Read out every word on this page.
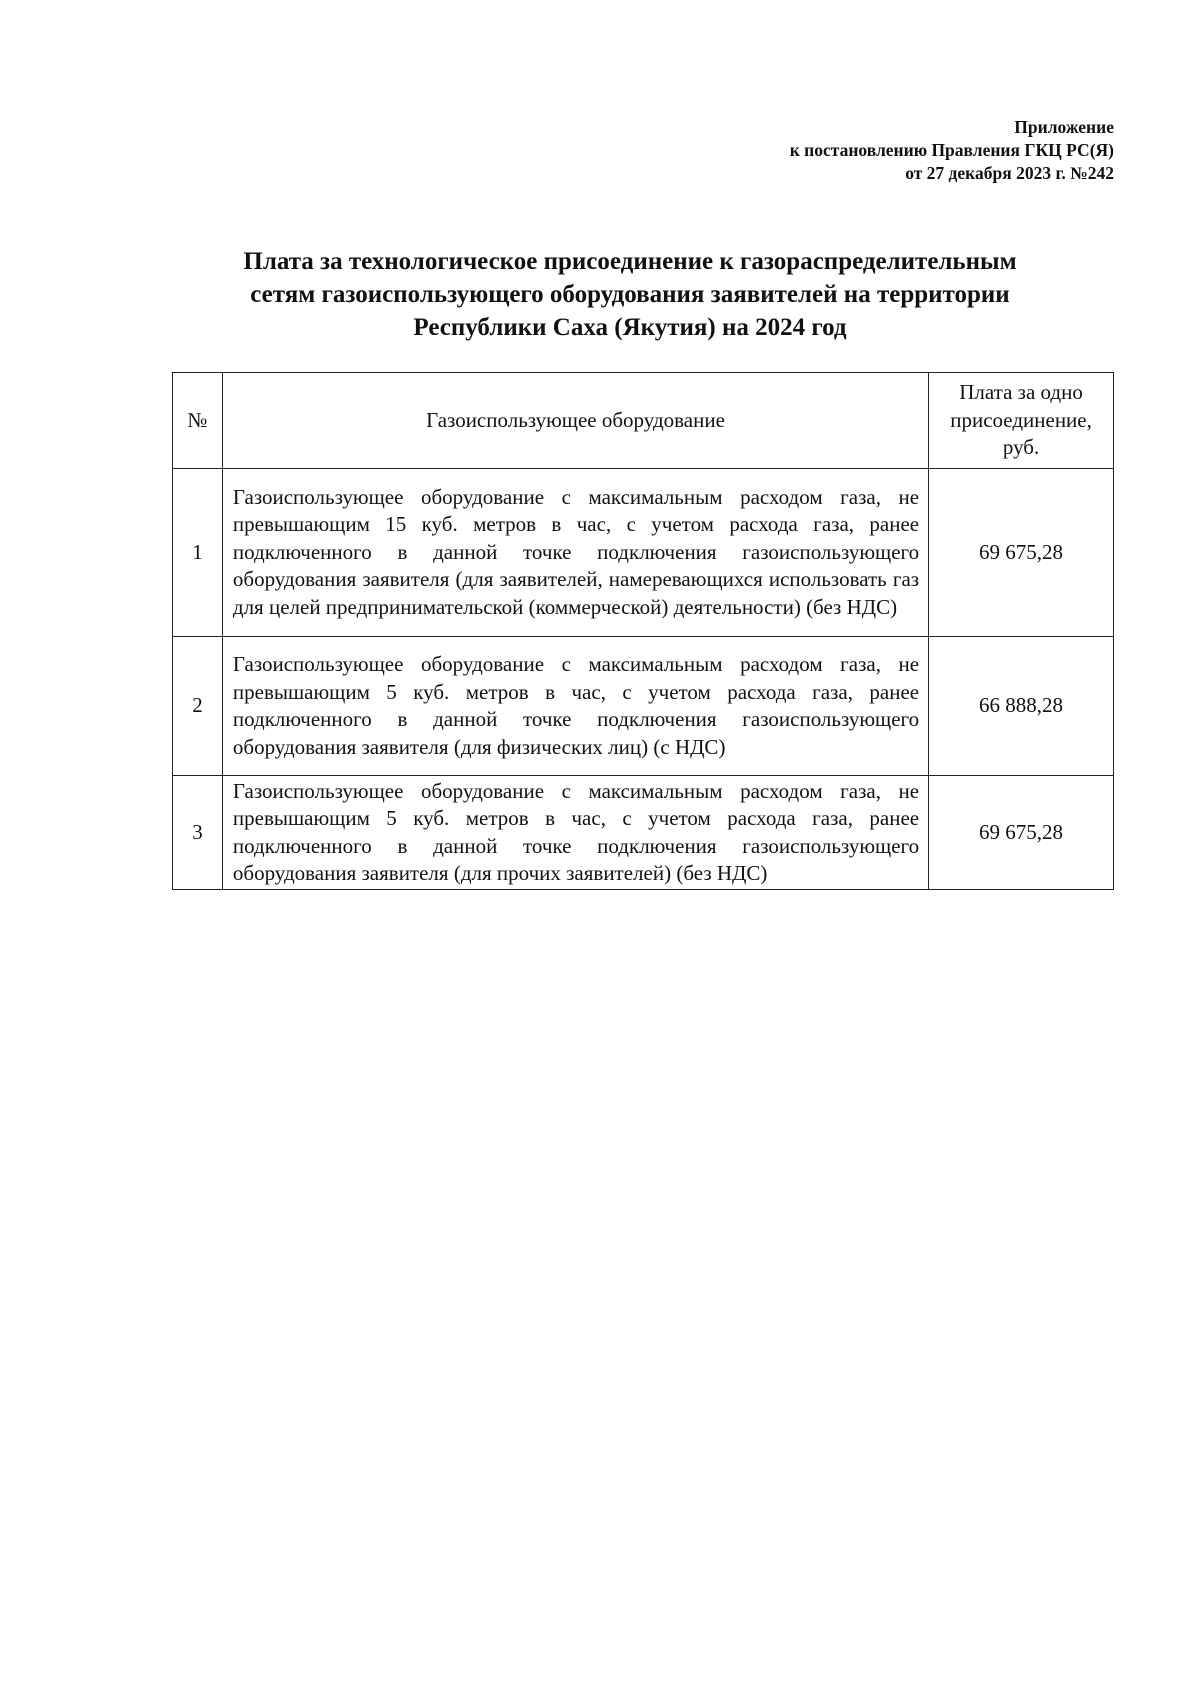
Приложение
к постановлению Правления ГКЦ РС(Я)
от 27 декабря 2023 г. №242
Плата за технологическое присоединение к газораспределительным
сетям газоиспользующего оборудования заявителей на территории
Республики Саха (Якутия) на 2024 год
№	Газоиспользующее оборудование	Плата за одно присоединение, руб.

1	Газоиспользующее оборудование с максимальным расходом газа, не превышающим 15 куб. метров в час, с учетом расхода газа, ранее подключенного в данной точке подключения газоиспользующего оборудования заявителя (для заявителей, намеревающихся использовать газ для целей предпринимательской (коммерческой) деятельности) (без НДС)	69 675,28
2	Газоиспользующее оборудование с максимальным расходом газа, не превышающим 5 куб. метров в час, с учетом расхода газа, ранее подключенного в данной точке подключения газоиспользующего оборудования заявителя (для физических лиц) (с НДС)	66 888,28
3	Газоиспользующее оборудование с максимальным расходом газа, не превышающим 5 куб. метров в час, с учетом расхода газа, ранее подключенного в данной точке подключения газоиспользующего оборудования заявителя (для прочих заявителей) (без НДС)	69 675,28
